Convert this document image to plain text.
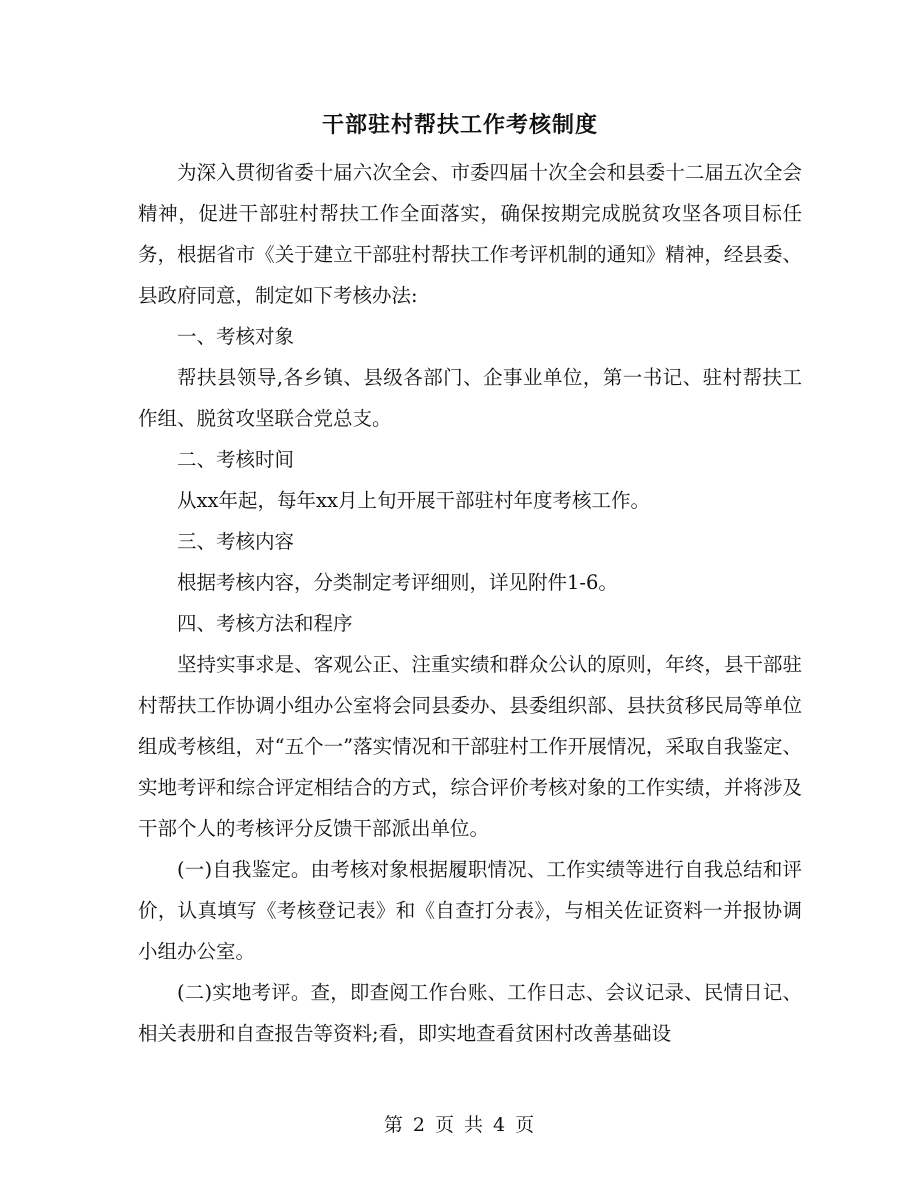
干部驻村帮扶工作考核制度

为深入贯彻省委十届六次全会、市委四届十次全会和县委十二届五次全会精神，促进干部驻村帮扶工作全面落实，确保按期完成脱贫攻坚各项目标任务，根据省市《关于建立干部驻村帮扶工作考评机制的通知》精神，经县委、县政府同意，制定如下考核办法:

一、考核对象

帮扶县领导,各乡镇、县级各部门、企事业单位，第一书记、驻村帮扶工作组、脱贫攻坚联合党总支。

二、考核时间

从xx年起，每年xx月上旬开展干部驻村年度考核工作。

三、考核内容

根据考核内容，分类制定考评细则，详见附件1-6。

四、考核方法和程序

坚持实事求是、客观公正、注重实绩和群众公认的原则，年终，县干部驻村帮扶工作协调小组办公室将会同县委办、县委组织部、县扶贫移民局等单位组成考核组，对“五个一”落实情况和干部驻村工作开展情况，采取自我鉴定、实地考评和综合评定相结合的方式，综合评价考核对象的工作实绩，并将涉及干部个人的考核评分反馈干部派出单位。

(一)自我鉴定。由考核对象根据履职情况、工作实绩等进行自我总结和评价，认真填写《考核登记表》和《自查打分表》，与相关佐证资料一并报协调小组办公室。

(二)实地考评。查，即查阅工作台账、工作日志、会议记录、民情日记、相关表册和自查报告等资料;看，即实地查看贫困村改善基础设

第 2 页 共 4 页
